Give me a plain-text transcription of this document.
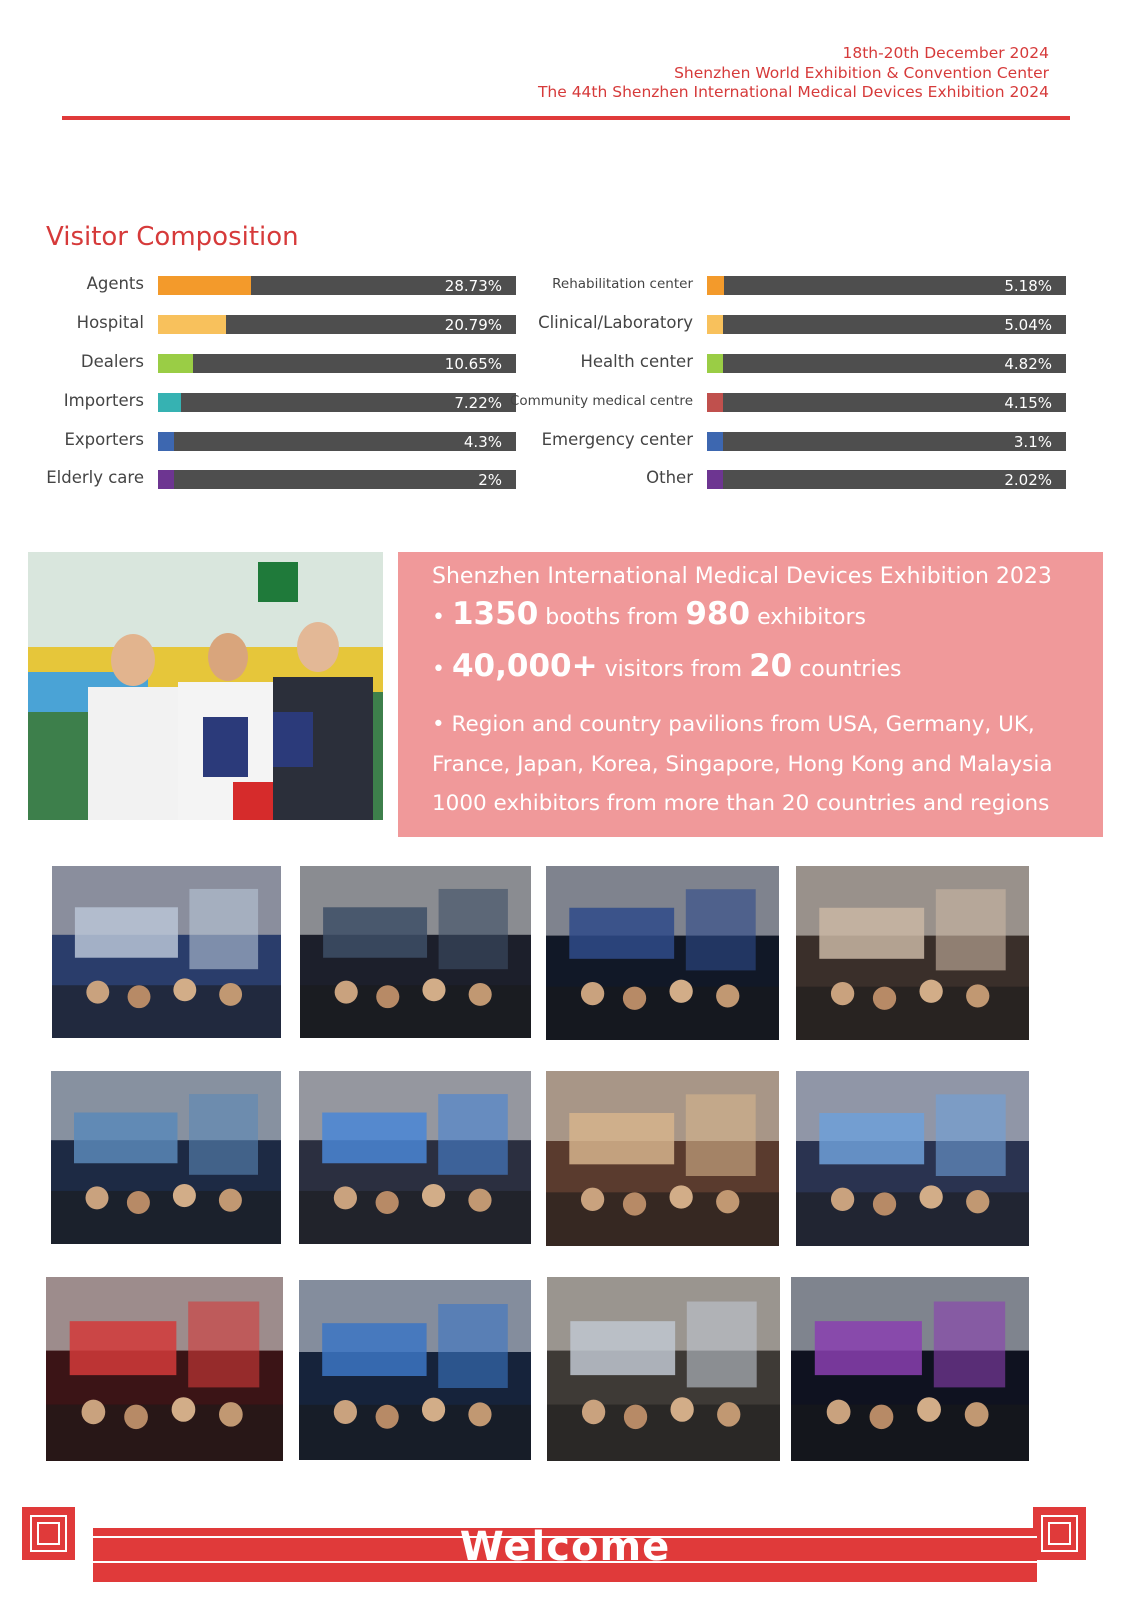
18th-20th December 2024
Shenzhen World Exhibition & Convention Center
The 44th Shenzhen International Medical Devices Exhibition 2024
Visitor Composition
Agents	28.73%
Hospital	20.79%
Dealers	10.65%
Importers	7.22%
Exporters	4.3%
Elderly care	2%
Rehabilitation center	5.18%
Clinical/Laboratory	5.04%
Health center	4.82%
Community medical centre	4.15%
Emergency center	3.1%
Other	2.02%
Shenzhen International Medical Devices Exhibition 2023
• 1350 booths from 980 exhibitors
• 40,000+ visitors from 20 countries
• Region and country pavilions from USA, Germany, UK, France, Japan, Korea, Singapore, Hong Kong and Malaysia
1000 exhibitors from more than 20 countries and regions
Welcome
